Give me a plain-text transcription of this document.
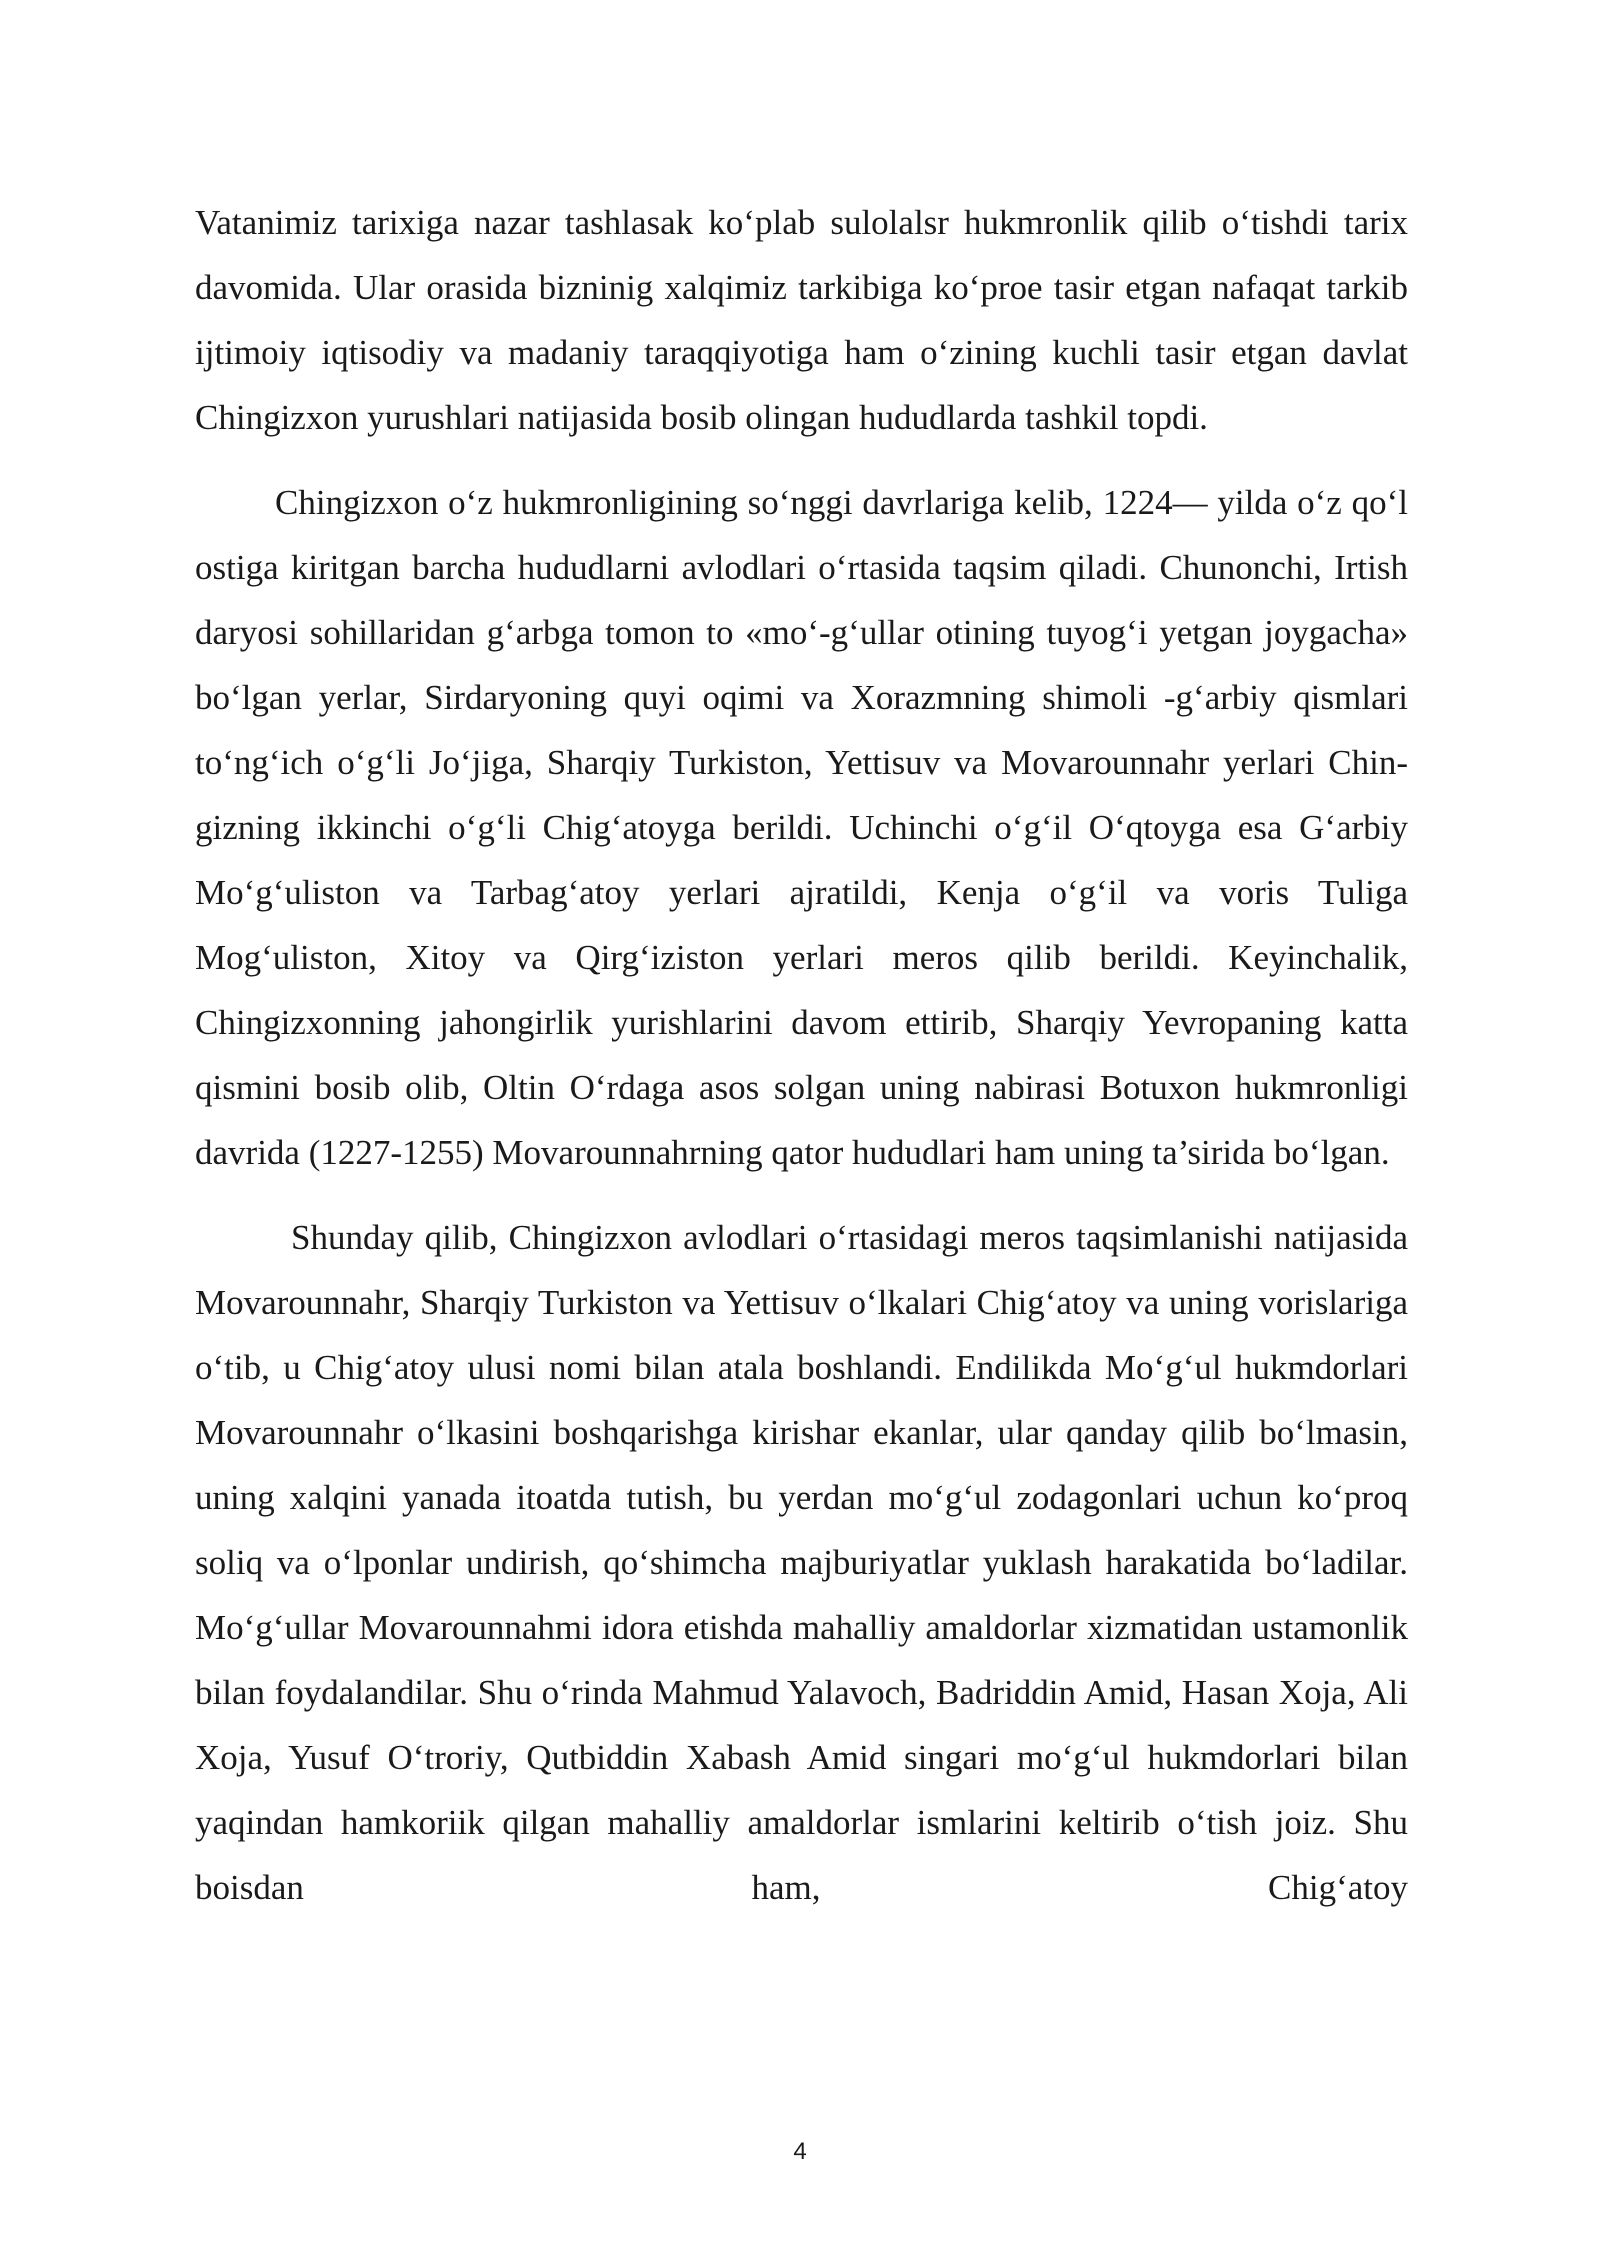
Vatanimiz tarixiga nazar tashlasak ko‘plab sulolalsr hukmronlik qilib o‘tishdi tarix davomida. Ular orasida bizninig xalqimiz tarkibiga ko‘proe tasir etgan nafaqat tarkib ijtimoiy iqtisodiy va madaniy taraqqiyotiga ham o‘zining kuchli tasir etgan davlat Chingizxon yurushlari natijasida bosib olingan hududlarda tashkil topdi.

Chingizxon o‘z hukmronligining so‘nggi davrlariga kelib, 1224— yilda o‘z qo‘l ostiga kiritgan barcha hududlarni avlodlari o‘rtasida taqsim qiladi. Chunonchi, Irtish daryosi sohillaridan g‘arbga tomon to «mo‘-g‘ullar otining tuyog‘i yetgan joygacha» bo‘lgan yerlar, Sirdaryoning quyi oqimi va Xorazmning shimoli -g‘arbiy qismlari to‘ng‘ich o‘g‘li Jo‘jiga, Sharqiy Turkiston, Yettisuv va Movarounnahr yerlari Chin-gizning ikkinchi o‘g‘li Chig‘atoyga berildi. Uchinchi o‘g‘il O‘qtoyga esa G‘arbiy Mo‘g‘uliston va Tarbag‘atoy yerlari ajratildi, Kenja o‘g‘il va voris Tuliga Mog‘uliston, Xitoy va Qirg‘iziston yerlari meros qilib berildi. Keyinchalik, Chingizxonning jahongirlik yurishlarini davom ettirib, Sharqiy Yevropaning katta qismini bosib olib, Oltin O‘rdaga asos solgan uning nabirasi Botuxon hukmronligi davrida (1227-1255) Movarounnahrning qator hududlari ham uning ta’sirida bo‘lgan.

Shunday qilib, Chingizxon avlodlari o‘rtasidagi meros taqsimlanishi natijasida Movarounnahr, Sharqiy Turkiston va Yettisuv o‘lkalari Chig‘atoy va uning vorislariga o‘tib, u Chig‘atoy ulusi nomi bilan atala boshlandi. Endilikda Mo‘g‘ul hukmdorlari Movarounnahr o‘lkasini boshqarishga kirishar ekanlar, ular qanday qilib bo‘lmasin, uning xalqini yanada itoatda tutish, bu yerdan mo‘g‘ul zodagonlari uchun ko‘proq soliq va o‘lponlar undirish, qo‘shimcha majburiyatlar yuklash harakatida bo‘ladilar. Mo‘g‘ullar Movarounnahmi idora etishda mahalliy amaldorlar xizmatidan ustamonlik bilan foydalandilar. Shu o‘rinda Mahmud Yalavoch, Badriddin Amid, Hasan Xoja, Ali Xoja, Yusuf O‘troriy, Qutbiddin Xabash Amid singari mo‘g‘ul hukmdorlari bilan yaqindan hamkoriik qilgan mahalliy amaldorlar ismlarini keltirib o‘tish joiz. Shu boisdan ham, Chig‘atoy

4
